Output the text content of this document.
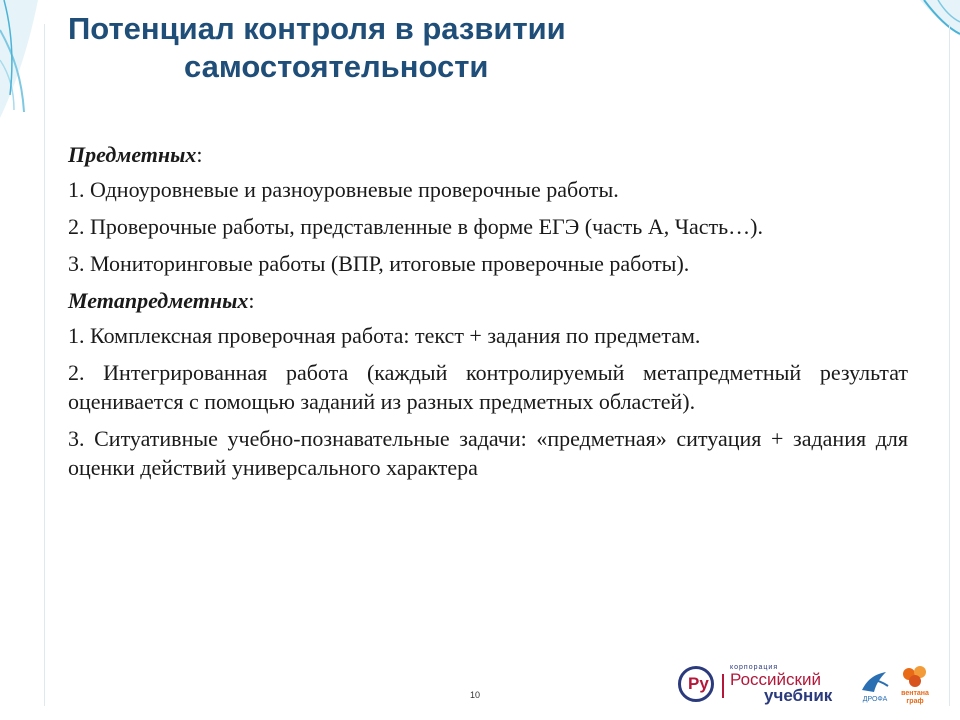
Потенциал контроля в развитии
самостоятельности

Предметных:

1. Одноуровневые и разноуровневые проверочные работы.

2. Проверочные работы, представленные в форме ЕГЭ (часть А, Часть…).

3. Мониторинговые работы (ВПР, итоговые проверочные работы).

Метапредметных:

1. Комплексная проверочная работа: текст + задания по предметам.

2. Интегрированная работа (каждый контролируемый метапредметный результат оценивается с помощью заданий из разных предметных областей).

3. Ситуативные учебно-познавательные задачи: «предметная» ситуация + задания для оценки действий универсального характера

10
Ру
корпорация
Российский
учебник	ДРОФА
вентана граф
